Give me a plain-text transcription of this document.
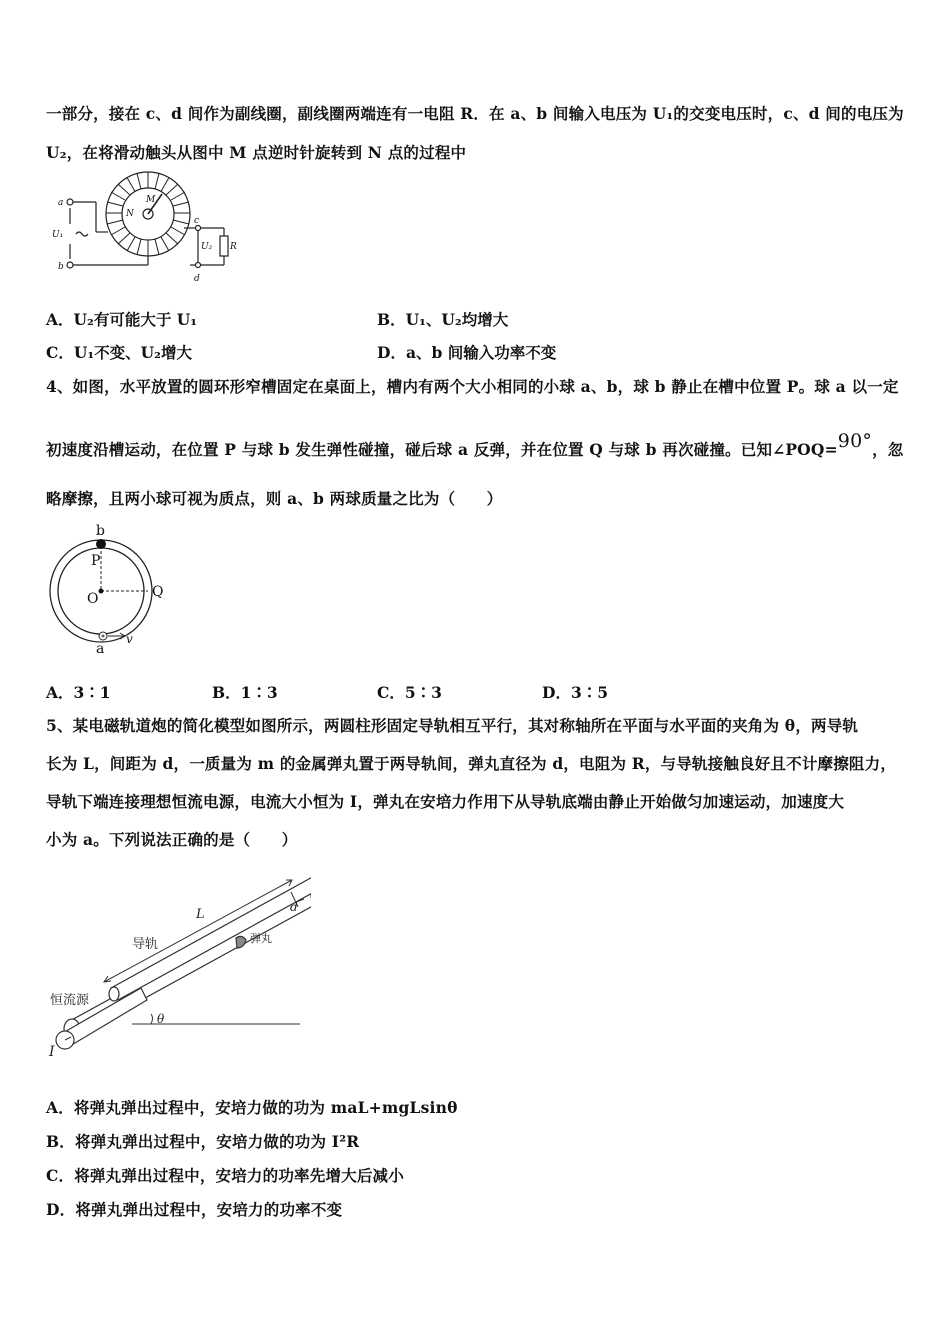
一部分，接在 c、d 间作为副线圈，副线圈两端连有一电阻 R．在 a、b 间输入电压为 U₁的交变电压时，c、d 间的电压为
U₂，在将滑动触头从图中 M 点逆时针旋转到 N 点的过程中
a
b
c
d
N
M
U₁
U₂ R
A．U₂有可能大于 U₁	B．U₁、U₂均增大
C．U₁不变、U₂增大	D．a、b 间输入功率不变
4、如图，水平放置的圆环形窄槽固定在桌面上，槽内有两个大小相同的小球 a、b，球 b 静止在槽中位置 P。球 a 以一定
初速度沿槽运动，在位置 P 与球 b 发生弹性碰撞，碰后球 a 反弹，并在位置 Q 与球 b 再次碰撞。已知∠POQ=90°，忽
略摩擦，且两小球可视为质点，则 a、b 两球质量之比为（　　）
b
P
O	Q
a
v
A．3∶1	B．1∶3	C．5∶3	D．3∶5
5、某电磁轨道炮的简化模型如图所示，两圆柱形固定导轨相互平行，其对称轴所在平面与水平面的夹角为 θ，两导轨
长为 L，间距为 d，一质量为 m 的金属弹丸置于两导轨间，弹丸直径为 d，电阻为 R，与导轨接触良好且不计摩擦阻力，
导轨下端连接理想恒流电源，电流大小恒为 I，弹丸在安培力作用下从导轨底端由静止开始做匀加速运动，加速度大
小为 a。下列说法正确的是（　　）
L	d
导轨	弹丸
恒流源
I
θ
A．将弹丸弹出过程中，安培力做的功为 maL+mgLsinθ
B．将弹丸弹出过程中，安培力做的功为 I²R
C．将弹丸弹出过程中，安培力的功率先增大后减小
D．将弹丸弹出过程中，安培力的功率不变
